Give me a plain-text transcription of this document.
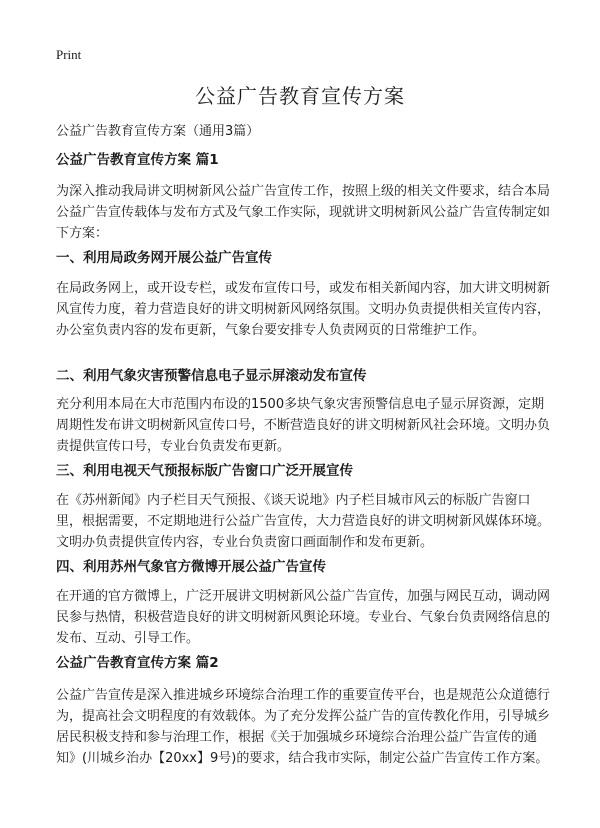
Print
公益广告教育宣传方案
公益广告教育宣传方案（通用3篇）
公益广告教育宣传方案 篇1

为深入推动我局讲文明树新风公益广告宣传工作，按照上级的相关文件要求，结合本局公益广告宣传载体与发布方式及气象工作实际，现就讲文明树新风公益广告宣传制定如下方案：

一、利用局政务网开展公益广告宣传

在局政务网上，或开设专栏，或发布宣传口号，或发布相关新闻内容，加大讲文明树新风宣传力度，着力营造良好的讲文明树新风网络氛围。文明办负责提供相关宣传内容，办公室负责内容的发布更新，气象台要安排专人负责网页的日常维护工作。

二、利用气象灾害预警信息电子显示屏滚动发布宣传

充分利用本局在大市范围内布设的1500多块气象灾害预警信息电子显示屏资源，定期周期性发布讲文明树新风宣传口号，不断营造良好的讲文明树新风社会环境。文明办负责提供宣传口号，专业台负责发布更新。

三、利用电视天气预报标版广告窗口广泛开展宣传

在《苏州新闻》内子栏目天气预报、《谈天说地》内子栏目城市风云的标版广告窗口里，根据需要，不定期地进行公益广告宣传，大力营造良好的讲文明树新风媒体环境。文明办负责提供宣传内容，专业台负责窗口画面制作和发布更新。

四、利用苏州气象官方微博开展公益广告宣传

在开通的官方微博上，广泛开展讲文明树新风公益广告宣传，加强与网民互动，调动网民参与热情，积极营造良好的讲文明树新风舆论环境。专业台、气象台负责网络信息的发布、互动、引导工作。

公益广告教育宣传方案 篇2

公益广告宣传是深入推进城乡环境综合治理工作的重要宣传平台，也是规范公众道德行为，提高社会文明程度的有效载体。为了充分发挥公益广告的宣传教化作用，引导城乡居民积极支持和参与治理工作，根据《关于加强城乡环境综合治理公益广告宣传的通知》(川城乡治办【20xx】9号)的要求，结合我市实际，制定公益广告宣传工作方案。
